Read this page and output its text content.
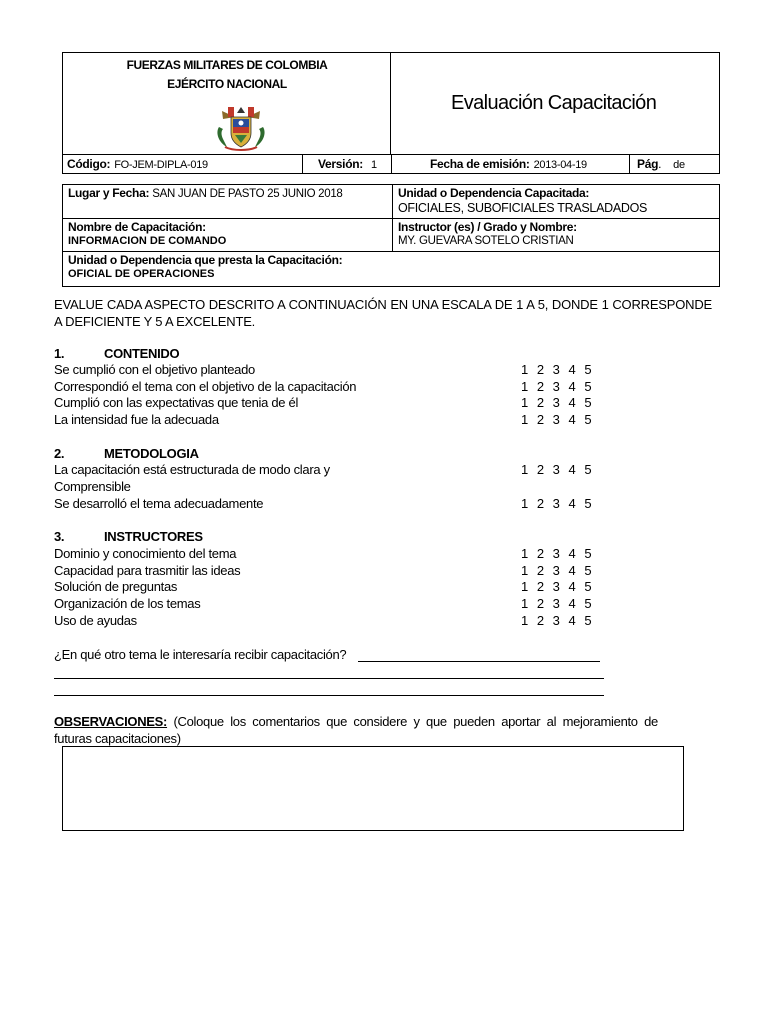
FUERZAS MILITARES DE COLOMBIA
EJÉRCITO NACIONAL
Evaluación Capacitación
Código: FO-JEM-DIPLA-019	Versión: 1	Fecha de emisión: 2013-04-19	Pág. de
Lugar y Fecha: SAN JUAN DE PASTO 25 JUNIO 2018	Unidad o Dependencia Capacitada:
OFICIALES, SUBOFICIALES TRASLADADOS
Nombre de Capacitación:
INFORMACION DE COMANDO
Instructor (es) / Grado y Nombre:
MY. GUEVARA SOTELO CRISTIAN
Unidad o Dependencia que presta la Capacitación:
OFICIAL DE OPERACIONES
EVALUE CADA ASPECTO DESCRITO A CONTINUACIÓN EN UNA ESCALA DE 1 A 5, DONDE 1 CORRESPONDE A DEFICIENTE Y 5 A EXCELENTE.
1.	CONTENIDO
Se cumplió con el objetivo planteado	1 2 3 4 5
Correspondió el tema con el objetivo de la capacitación	1 2 3 4 5
Cumplió con las expectativas que tenia de él	1 2 3 4 5
La intensidad fue la adecuada	1 2 3 4 5
2.	METODOLOGIA
La capacitación está estructurada de modo clara y	1 2 3 4 5
Comprensible
Se desarrolló el tema adecuadamente	1 2 3 4 5
3.	INSTRUCTORES
Dominio y conocimiento del tema	1 2 3 4 5
Capacidad para trasmitir las ideas	1 2 3 4 5
Solución de preguntas	1 2 3 4 5
Organización de los temas	1 2 3 4 5
Uso de ayudas	1 2 3 4 5
¿En qué otro tema le interesaría recibir capacitación?
OBSERVACIONES: (Coloque los comentarios que considere y que pueden aportar al mejoramiento de futuras capacitaciones)
